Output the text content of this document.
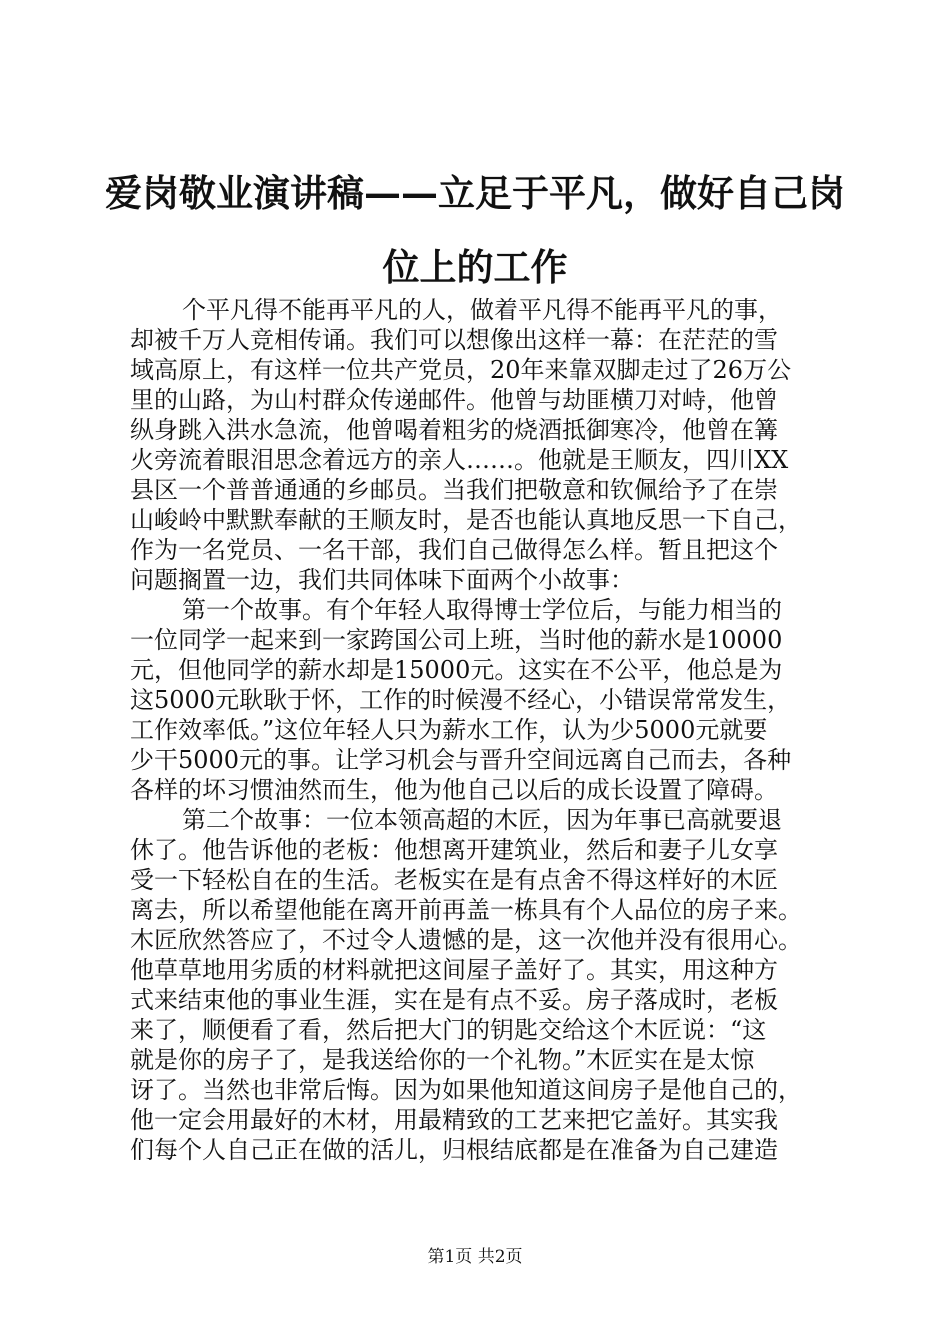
爱岗敬业演讲稿——立足于平凡，做好自己岗
位上的工作

个平凡得不能再平凡的人，做着平凡得不能再平凡的事，
却被千万人竞相传诵。我们可以想像出这样一幕：在茫茫的雪
域高原上，有这样一位共产党员，20年来靠双脚走过了26万公
里的山路，为山村群众传递邮件。他曾与劫匪横刀对峙，他曾
纵身跳入洪水急流，他曾喝着粗劣的烧酒抵御寒冷，他曾在篝
火旁流着眼泪思念着远方的亲人……。他就是王顺友，四川XX
县区一个普普通通的乡邮员。当我们把敬意和钦佩给予了在崇
山峻岭中默默奉献的王顺友时，是否也能认真地反思一下自己，
作为一名党员、一名干部，我们自己做得怎么样。暂且把这个
问题搁置一边，我们共同体味下面两个小故事：

第一个故事。有个年轻人取得博士学位后，与能力相当的
一位同学一起来到一家跨国公司上班，当时他的薪水是10000
元，但他同学的薪水却是15000元。这实在不公平，他总是为
这5000元耿耿于怀，工作的时候漫不经心，小错误常常发生，
工作效率低。”这位年轻人只为薪水工作，认为少5000元就要
少干5000元的事。让学习机会与晋升空间远离自己而去，各种
各样的坏习惯油然而生，他为他自己以后的成长设置了障碍。

第二个故事：一位本领高超的木匠，因为年事已高就要退
休了。他告诉他的老板：他想离开建筑业，然后和妻子儿女享
受一下轻松自在的生活。老板实在是有点舍不得这样好的木匠
离去，所以希望他能在离开前再盖一栋具有个人品位的房子来。
木匠欣然答应了，不过令人遗憾的是，这一次他并没有很用心。
他草草地用劣质的材料就把这间屋子盖好了。其实，用这种方
式来结束他的事业生涯，实在是有点不妥。房子落成时，老板
来了，顺便看了看，然后把大门的钥匙交给这个木匠说：“这
就是你的房子了，是我送给你的一个礼物。”木匠实在是太惊
讶了。当然也非常后悔。因为如果他知道这间房子是他自己的，
他一定会用最好的木材，用最精致的工艺来把它盖好。其实我
们每个人自己正在做的活儿，归根结底都是在准备为自己建造

第1页 共2页
